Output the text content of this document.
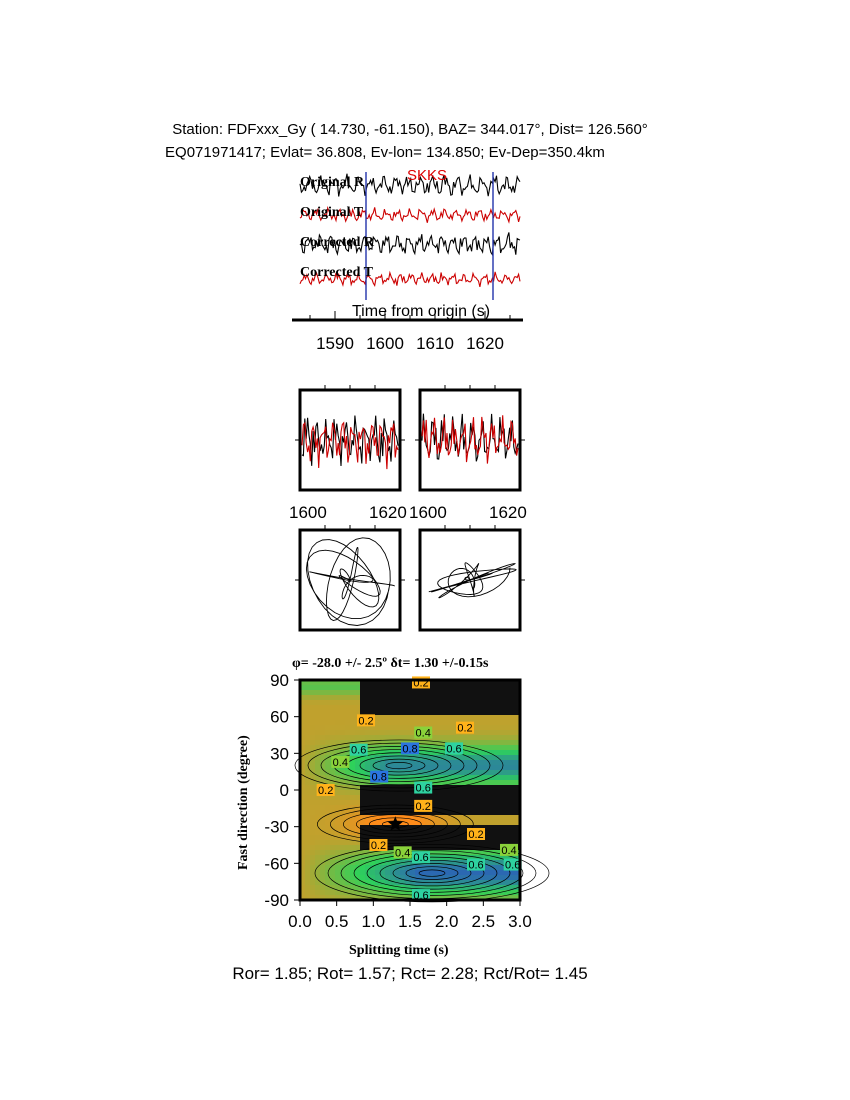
Station: FDFxxx_Gy ( 14.730, -61.150), BAZ= 344.017°, Dist= 126.560°
EQ071971417; Evlat= 36.808, Ev-lon= 134.850; Ev-Dep=350.4km
Original R
Original T
Corrected R
Corrected T
SKKS
Time from origin (s)
1590 1600 1610 1620
1600 1620 1600 1620
φ= -28.0 +/- 2.5º δt= 1.30 +/-0.15s
0.2
0.2
0.4 0.2
0.4
0.6	0.8	0.6
0.8
0.2	0.6
0.2
0.2
0.2
0.4 0.6
0.6
0.4
0.6
0.6
0.0 0.5 1.0 1.5 2.0 2.5 3.0
90
60
30
0
-30
-60
-90
Splitting time (s)
Fast direction (degree)
Ror= 1.85; Rot= 1.57; Rct= 2.28; Rct/Rot= 1.45
